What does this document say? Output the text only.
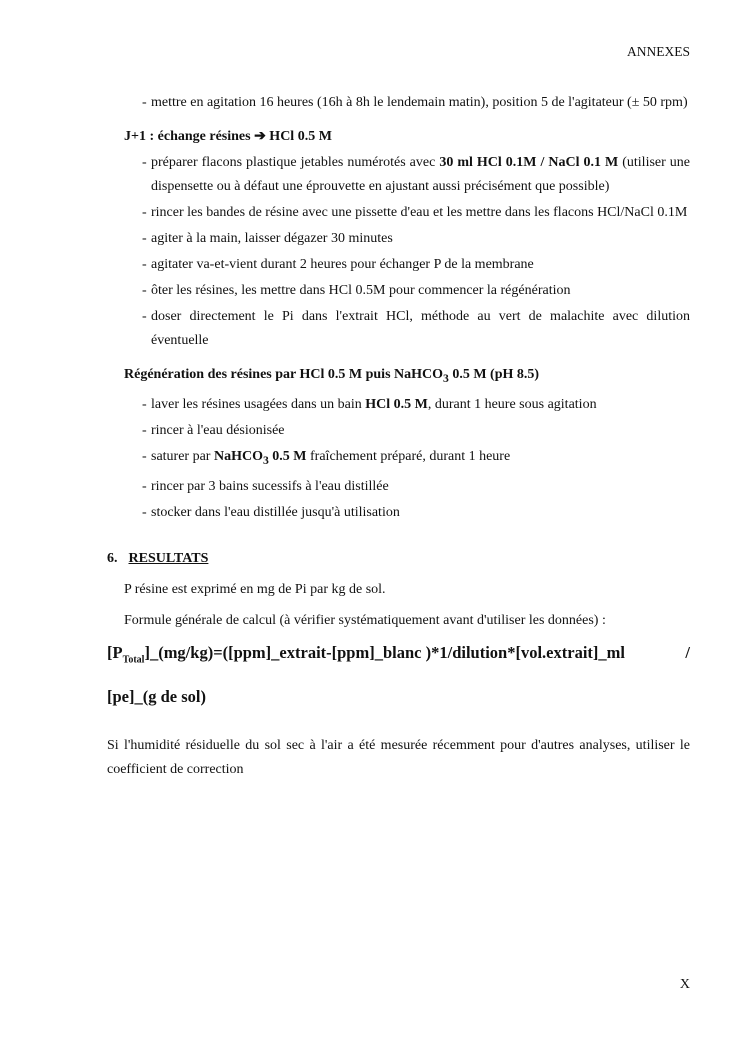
ANNEXES
- mettre en agitation 16 heures (16h à 8h le lendemain matin), position 5 de l'agitateur (± 50 rpm)
J+1 : échange résines ➔ HCl 0.5 M
- préparer flacons plastique jetables numérotés avec 30 ml HCl 0.1M / NaCl 0.1 M (utiliser une dispensette ou à défaut une éprouvette en ajustant aussi précisément que possible)
- rincer les bandes de résine avec une pissette d'eau et les mettre dans les flacons HCl/NaCl 0.1M
- agiter à la main, laisser dégazer 30 minutes
- agitater va-et-vient durant 2 heures pour échanger P de la membrane
- ôter les résines, les mettre dans HCl 0.5M pour commencer la régénération
- doser directement le Pi dans l'extrait HCl, méthode au vert de malachite avec dilution éventuelle
Régénération des résines par HCl 0.5 M puis NaHCO$_3$ 0.5 M (pH 8.5)
- laver les résines usagées dans un bain HCl 0.5 M, durant 1 heure sous agitation
- rincer à l'eau désionisée
- saturer par NaHCO$_3$ 0.5 M fraîchement préparé, durant 1 heure
- rincer par 3 bains sucessifs à l'eau distillée
- stocker dans l'eau distillée jusqu'à utilisation
6. RESULTATS
P résine est exprimé en mg de Pi par kg de sol.
Formule générale de calcul (à vérifier systématiquement avant d'utiliser les données) :
$[P_{Total}]\_(mg/kg)=([ppm]\_extrait-[ppm]\_blanc$ )*1/dilution*[vol.extrait]_ml	/
[pe]_(g de sol)
Si l'humidité résiduelle du sol sec à l'air a été mesurée récemment pour d'autres analyses, utiliser le coefficient de correction
X
